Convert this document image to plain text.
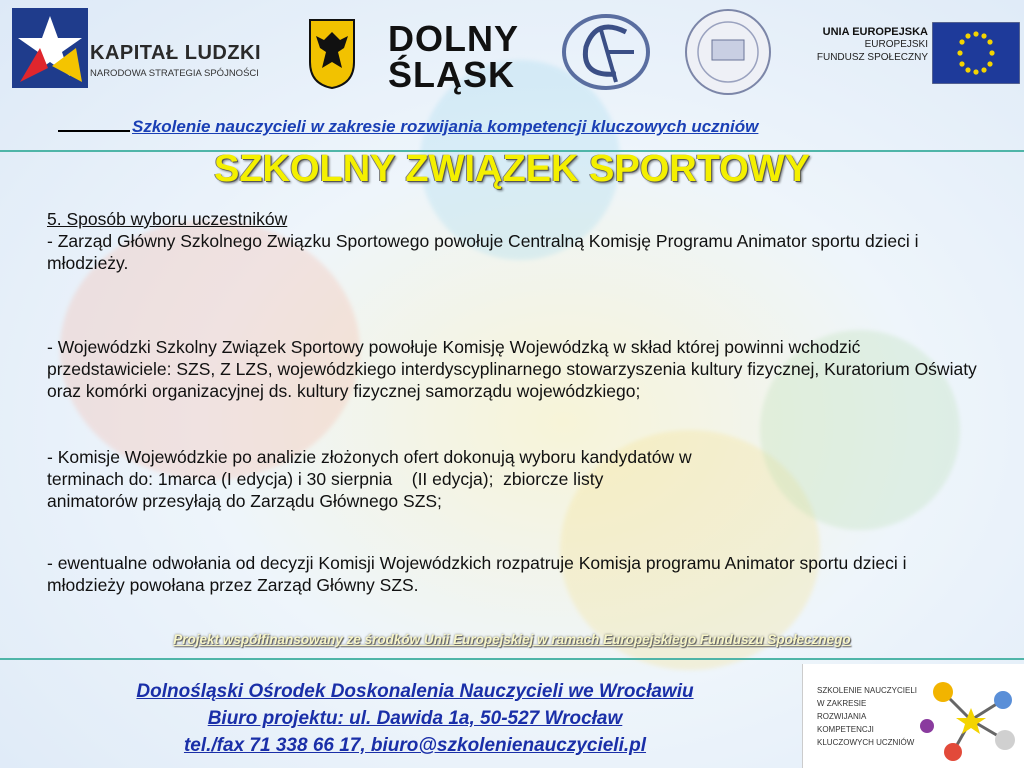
KAPITAŁ LUDZKI
NARODOWA STRATEGIA SPÓJNOŚCI
DOLNY
ŚLĄSK
UNIA EUROPEJSKA
EUROPEJSKI
FUNDUSZ SPOŁECZNY
Szkolenie nauczycieli w zakresie rozwijania kompetencji kluczowych uczniów
SZKOLNY ZWIĄZEK SPORTOWY

5. Sposób wyboru uczestników

- Zarząd Główny Szkolnego Związku Sportowego powołuje Centralną Komisję Programu Animator sportu dzieci i młodzieży.

- Wojewódzki Szkolny Związek Sportowy powołuje Komisję Wojewódzką w skład której powinni wchodzić przedstawiciele: SZS, Z LZS, wojewódzkiego interdyscyplinarnego stowarzyszenia kultury fizycznej, Kuratorium Oświaty oraz komórki organizacyjnej ds. kultury fizycznej samorządu wojewódzkiego;

- Komisje Wojewódzkie po analizie złożonych ofert dokonują wyboru kandydatów w

terminach do: 1marca (I edycja) i 30 sierpnia    (II edycja);  zbiorcze listy

animatorów przesyłają do Zarządu Głównego SZS;

- ewentualne odwołania od decyzji Komisji Wojewódzkich rozpatruje Komisja programu Animator sportu dzieci i młodzieży powołana przez Zarząd Główny SZS.

Projekt współfinansowany ze środków Unii Europejskiej w ramach Europejskiego Funduszu Społecznego
Dolnośląski Ośrodek Doskonalenia Nauczycieli we Wrocławiu
Biuro projektu: ul. Dawida 1a, 50-527 Wrocław
tel./fax 71 338 66 17, biuro@szkolenienauczycieli.pl
SZKOLENIE NAUCZYCIELI
W ZAKRESIE
ROZWIJANIA
KOMPETENCJI
KLUCZOWYCH UCZNIÓW
